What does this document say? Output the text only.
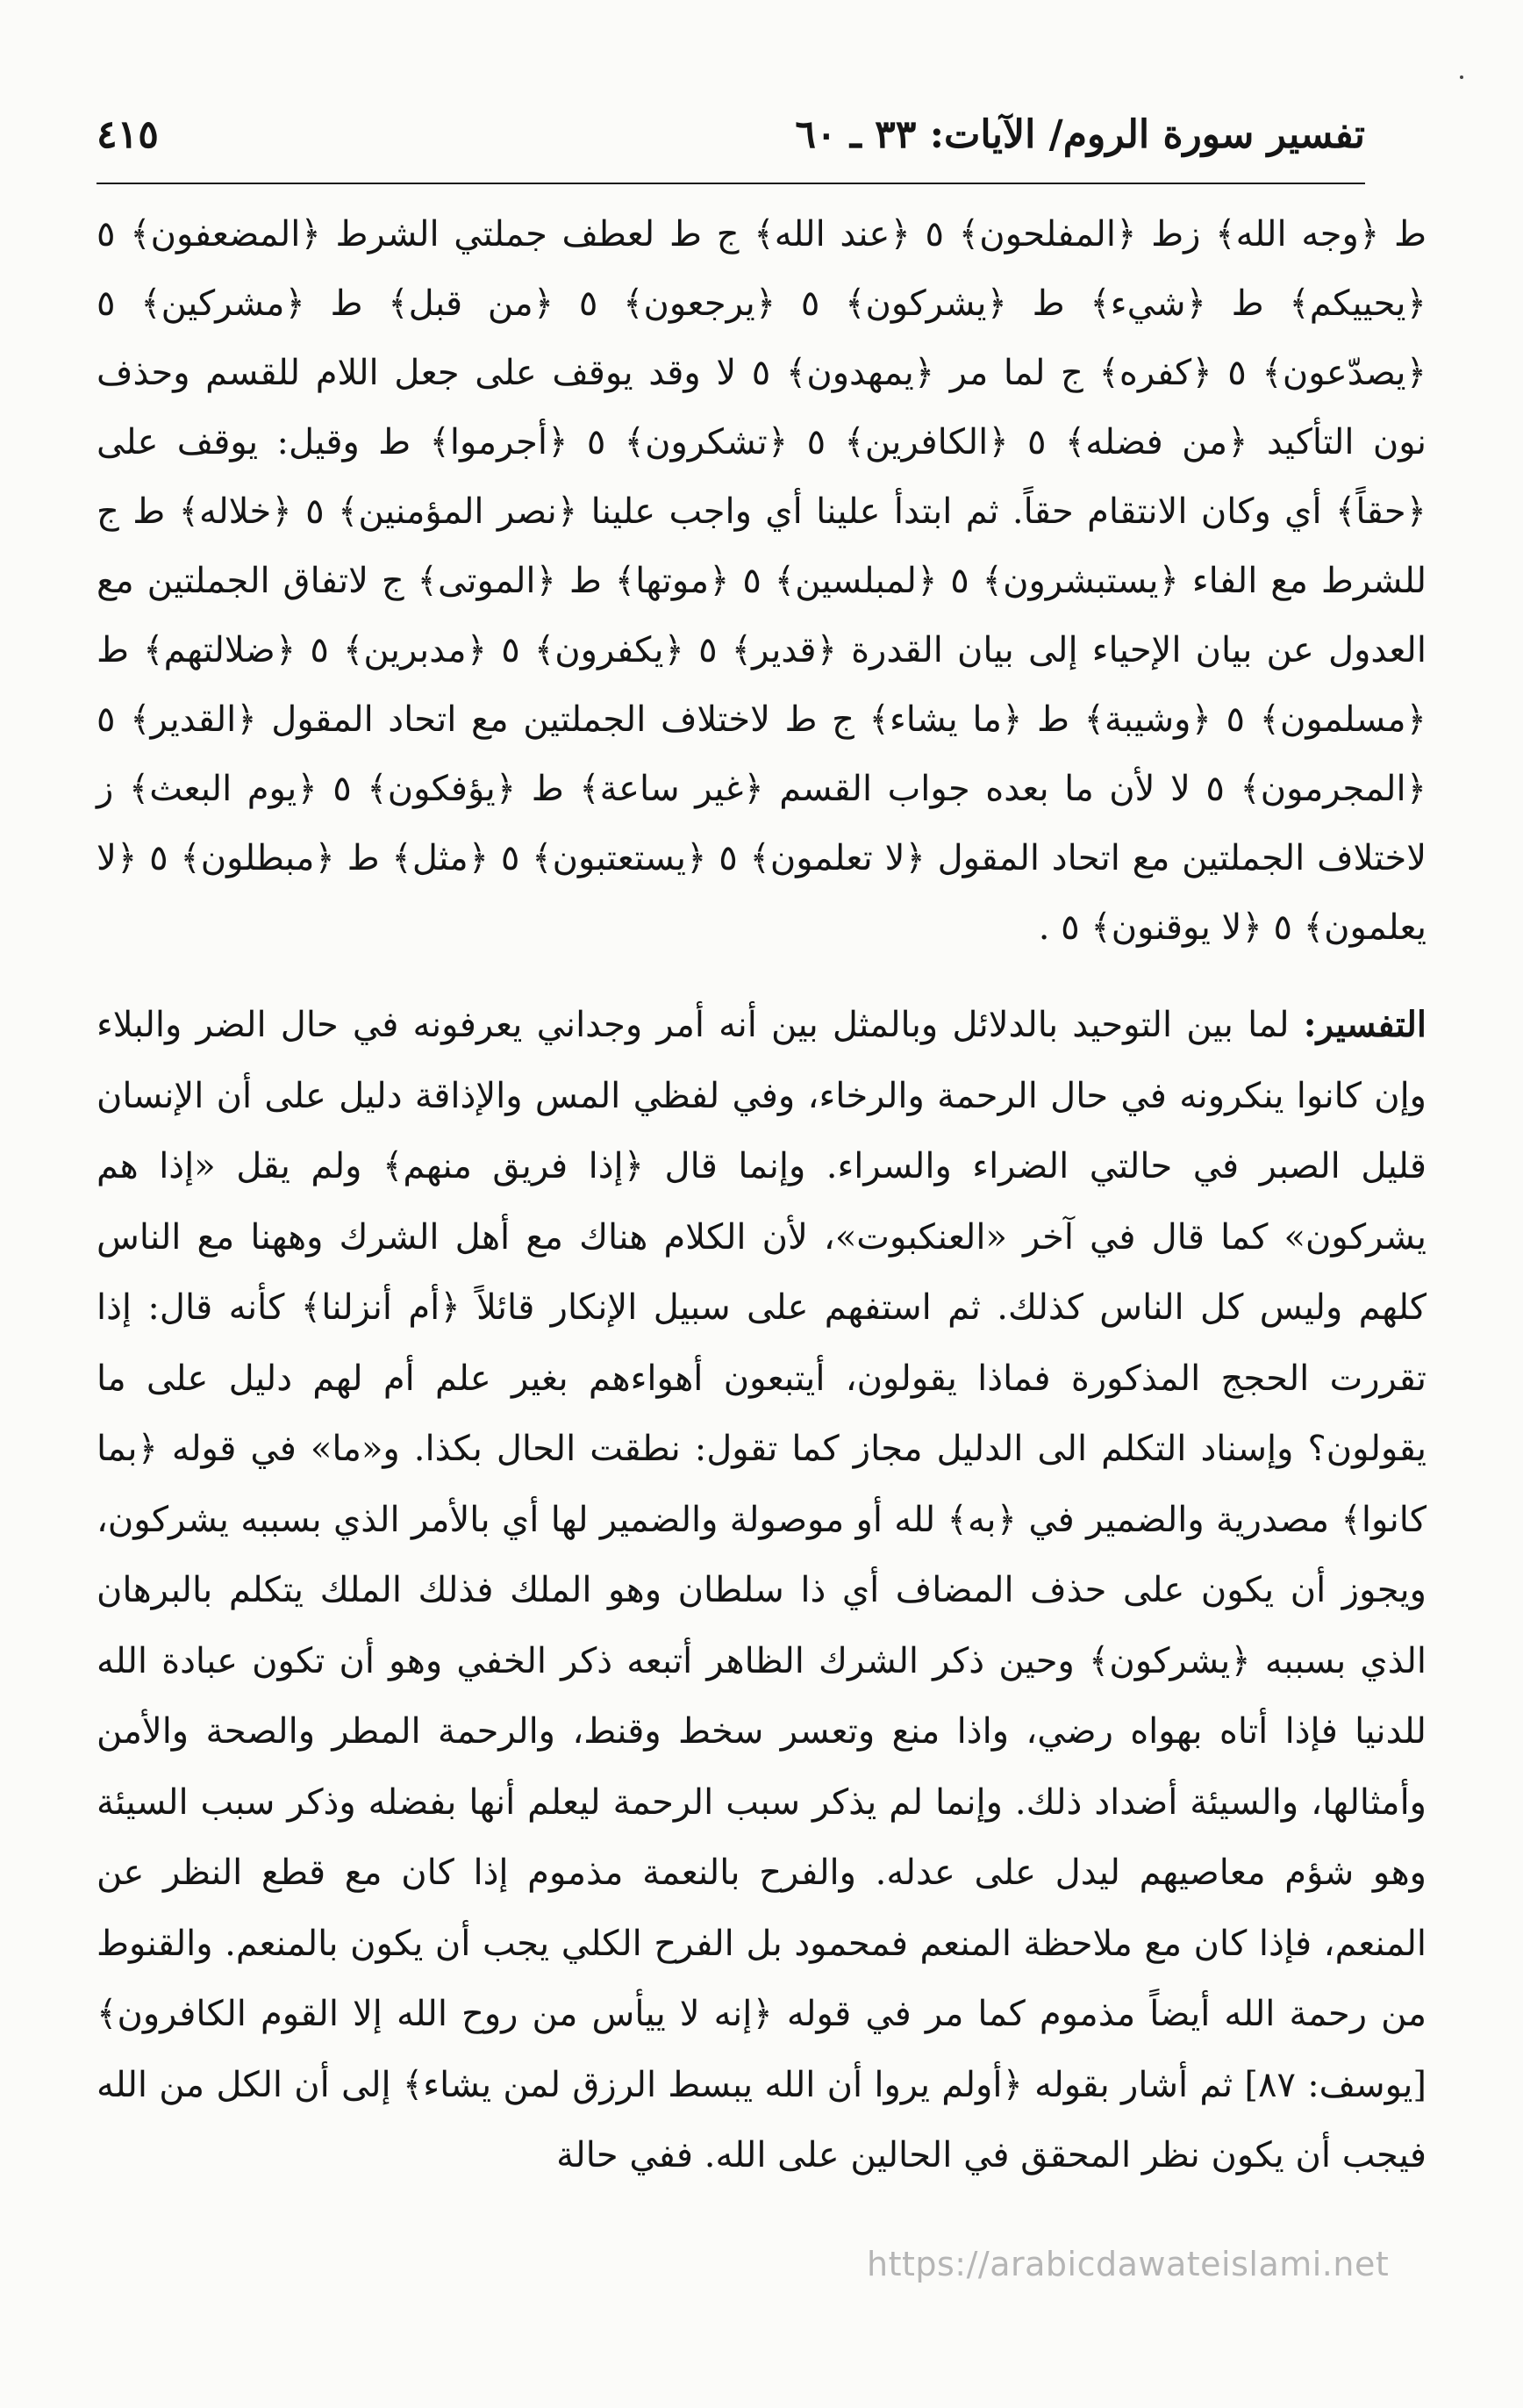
تفسير سورة الروم/ الآيات: ٣٣ ـ ٦٠
٤١٥
ط ﴿وجه الله﴾ زط ﴿المفلحون﴾ ٥ ﴿عند الله﴾ ج ط لعطف جملتي الشرط ﴿المضعفون﴾ ٥ ﴿يحييكم﴾ ط ﴿شيء﴾ ط ﴿يشركون﴾ ٥ ﴿يرجعون﴾ ٥ ﴿من قبل﴾ ط ﴿مشركين﴾ ٥ ﴿يصدّعون﴾ ٥ ﴿كفره﴾ ج لما مر ﴿يمهدون﴾ ٥ لا وقد يوقف على جعل اللام للقسم وحذف نون التأكيد ﴿من فضله﴾ ٥ ﴿الكافرين﴾ ٥ ﴿تشكرون﴾ ٥ ﴿أجرموا﴾ ط وقيل: يوقف على ﴿حقاً﴾ أي وكان الانتقام حقاً. ثم ابتدأ علينا أي واجب علينا ﴿نصر المؤمنين﴾ ٥ ﴿خلاله﴾ ط ج للشرط مع الفاء ﴿يستبشرون﴾ ٥ ﴿لمبلسين﴾ ٥ ﴿موتها﴾ ط ﴿الموتى﴾ ج لاتفاق الجملتين مع العدول عن بيان الإحياء إلى بيان القدرة ﴿قدير﴾ ٥ ﴿يكفرون﴾ ٥ ﴿مدبرين﴾ ٥ ﴿ضلالتهم﴾ ط ﴿مسلمون﴾ ٥ ﴿وشيبة﴾ ط ﴿ما يشاء﴾ ج ط لاختلاف الجملتين مع اتحاد المقول ﴿القدير﴾ ٥ ﴿المجرمون﴾ ٥ لا لأن ما بعده جواب القسم ﴿غير ساعة﴾ ط ﴿يؤفكون﴾ ٥ ﴿يوم البعث﴾ ز لاختلاف الجملتين مع اتحاد المقول ﴿لا تعلمون﴾ ٥ ﴿يستعتبون﴾ ٥ ﴿مثل﴾ ط ﴿مبطلون﴾ ٥ ﴿لا يعلمون﴾ ٥ ﴿لا يوقنون﴾ ٥ .
التفسير: لما بين التوحيد بالدلائل وبالمثل بين أنه أمر وجداني يعرفونه في حال الضر والبلاء وإن كانوا ينكرونه في حال الرحمة والرخاء، وفي لفظي المس والإذاقة دليل على أن الإنسان قليل الصبر في حالتي الضراء والسراء. وإنما قال ﴿إذا فريق منهم﴾ ولم يقل «إذا هم يشركون» كما قال في آخر «العنكبوت»، لأن الكلام هناك مع أهل الشرك وههنا مع الناس كلهم وليس كل الناس كذلك. ثم استفهم على سبيل الإنكار قائلاً ﴿أم أنزلنا﴾ كأنه قال: إذا تقررت الحجج المذكورة فماذا يقولون، أيتبعون أهواءهم بغير علم أم لهم دليل على ما يقولون؟ وإسناد التكلم الى الدليل مجاز كما تقول: نطقت الحال بكذا. و«ما» في قوله ﴿بما كانوا﴾ مصدرية والضمير في ﴿به﴾ لله أو موصولة والضمير لها أي بالأمر الذي بسببه يشركون، ويجوز أن يكون على حذف المضاف أي ذا سلطان وهو الملك فذلك الملك يتكلم بالبرهان الذي بسببه ﴿يشركون﴾ وحين ذكر الشرك الظاهر أتبعه ذكر الخفي وهو أن تكون عبادة الله للدنيا فإذا أتاه بهواه رضي، واذا منع وتعسر سخط وقنط، والرحمة المطر والصحة والأمن وأمثالها، والسيئة أضداد ذلك. وإنما لم يذكر سبب الرحمة ليعلم أنها بفضله وذكر سبب السيئة وهو شؤم معاصيهم ليدل على عدله. والفرح بالنعمة مذموم إذا كان مع قطع النظر عن المنعم، فإذا كان مع ملاحظة المنعم فمحمود بل الفرح الكلي يجب أن يكون بالمنعم. والقنوط من رحمة الله أيضاً مذموم كما مر في قوله ﴿إنه لا ييأس من روح الله إلا القوم الكافرون﴾ [يوسف: ٨٧] ثم أشار بقوله ﴿أولم يروا أن الله يبسط الرزق لمن يشاء﴾ إلى أن الكل من الله فيجب أن يكون نظر المحقق في الحالين على الله. ففي حالة
https://arabicdawateislami.net
